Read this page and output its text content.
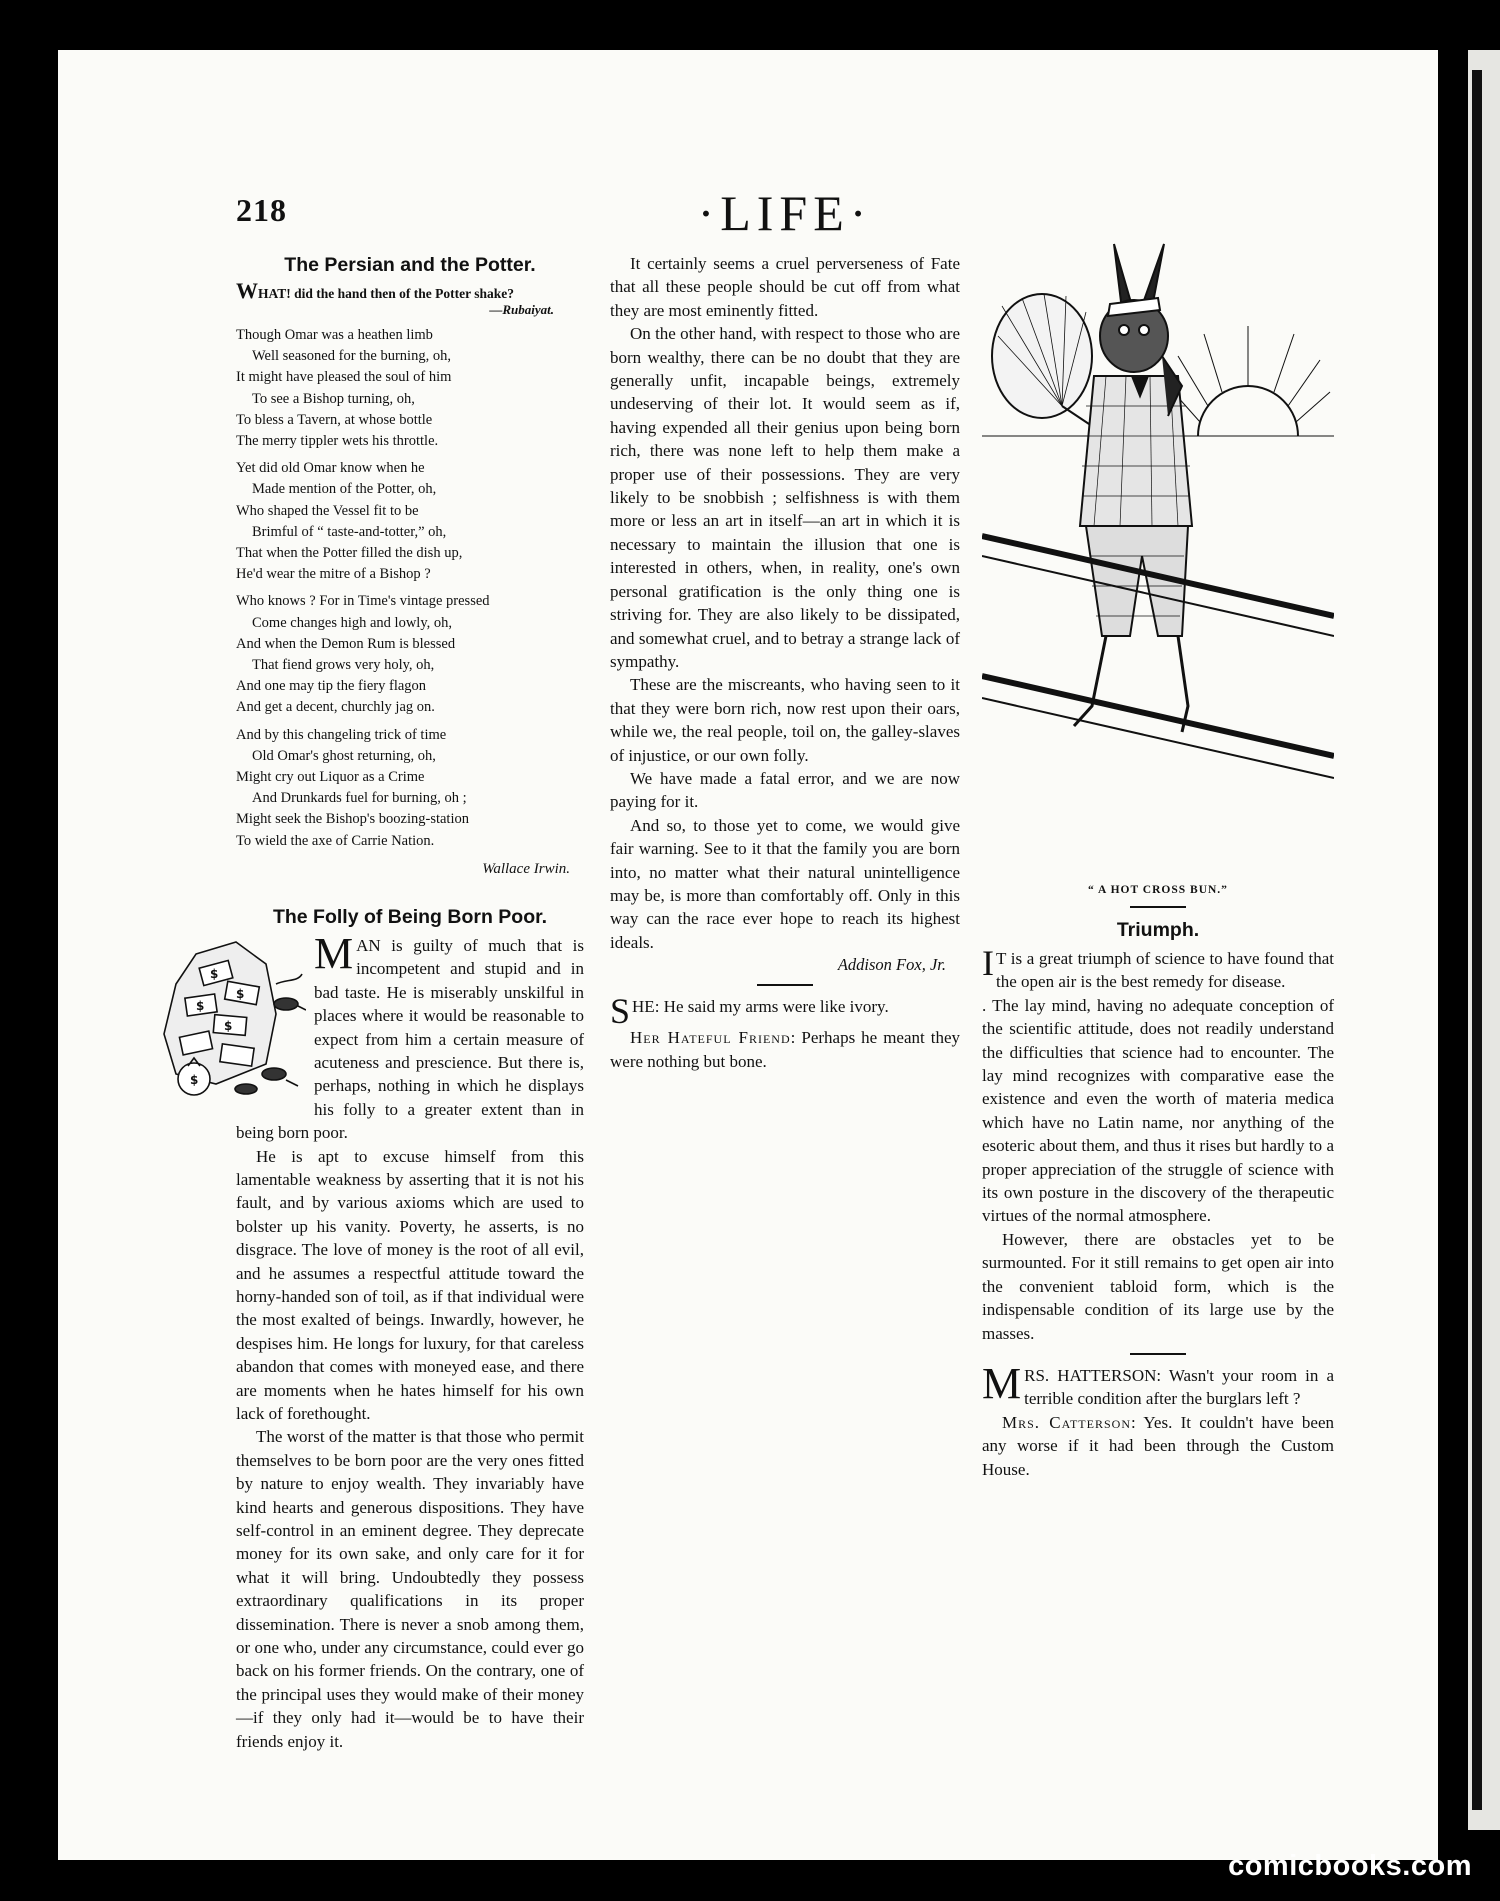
218	·LIFE·
The Persian and the Potter.
WHAT! did the hand then of the Potter shake?
—Rubaiyat.
Though Omar was a heathen limb
Well seasoned for the burning, oh,
It might have pleased the soul of him
To see a Bishop turning, oh,
To bless a Tavern, at whose bottle
The merry tippler wets his throttle.
Yet did old Omar know when he
Made mention of the Potter, oh,
Who shaped the Vessel fit to be
Brimful of “ taste-and-totter,” oh,
That when the Potter filled the dish up,
He'd wear the mitre of a Bishop ?
Who knows ? For in Time's vintage pressed
Come changes high and lowly, oh,
And when the Demon Rum is blessed
That fiend grows very holy, oh,
And one may tip the fiery flagon
And get a decent, churchly jag on.
And by this changeling trick of time
Old Omar's ghost returning, oh,
Might cry out Liquor as a Crime
And Drunkards fuel for burning, oh ;
Might seek the Bishop's boozing-station
To wield the axe of Carrie Nation.
Wallace Irwin.
The Folly of Being Born Poor.
$
$
$
$
$

MAN is guilty of much that is incompetent and stupid and in bad taste. He is miserably unskilful in places where it would be reasonable to expect from him a certain measure of acuteness and prescience. But there is, perhaps, nothing in which he displays his folly to a greater extent than in being born poor.

He is apt to excuse himself from this lamentable weakness by asserting that it is not his fault, and by various axioms which are used to bolster up his vanity. Poverty, he asserts, is no disgrace. The love of money is the root of all evil, and he assumes a respectful attitude toward the horny-handed son of toil, as if that individual were the most exalted of beings. Inwardly, however, he despises him. He longs for luxury, for that careless abandon that comes with moneyed ease, and there are moments when he hates himself for his own lack of forethought.

The worst of the matter is that those who permit themselves to be born poor are the very ones fitted by nature to enjoy wealth. They invariably have kind hearts and generous dispositions. They have self-control in an eminent degree. They deprecate money for its own sake, and only care for it for what it will bring. Undoubtedly they possess extraordinary qualifications in its proper dissemination. There is never a snob among them, or one who, under any circumstance, could ever go back on his former friends. On the contrary, one of the principal uses they would make of their money—if they only had it—would be to have their friends enjoy it.

It certainly seems a cruel perverseness of Fate that all these people should be cut off from what they are most eminently fitted.

On the other hand, with respect to those who are born wealthy, there can be no doubt that they are generally unfit, incapable beings, extremely undeserving of their lot. It would seem as if, having expended all their genius upon being born rich, there was none left to help them make a proper use of their possessions. They are very likely to be snobbish ; selfishness is with them more or less an art in itself—an art in which it is necessary to maintain the illusion that one is interested in others, when, in reality, one's own personal gratification is the only thing one is striving for. They are also likely to be dissipated, and somewhat cruel, and to betray a strange lack of sympathy.

These are the miscreants, who having seen to it that they were born rich, now rest upon their oars, while we, the real people, toil on, the galley-slaves of injustice, or our own folly.

We have made a fatal error, and we are now paying for it.

And so, to those yet to come, we would give fair warning. See to it that the family you are born into, no matter what their natural unintelligence may be, is more than comfortably off. Only in this way can the race ever hope to reach its highest ideals.

Addison Fox, Jr.

SHE: He said my arms were like ivory.

Her Hateful Friend: Perhaps he meant they were nothing but bone.

“ A HOT CROSS BUN.”
Triumph.

I T is a great triumph of science to have found that the open air is the best remedy for disease.

. The lay mind, having no adequate conception of the scientific attitude, does not readily understand the difficulties that science had to encounter. The lay mind recognizes with comparative ease the existence and even the worth of materia medica which have no Latin name, nor anything of the esoteric about them, and thus it rises but hardly to a proper appreciation of the struggle of science with its own posture in the discovery of the therapeutic virtues of the normal atmosphere.

However, there are obstacles yet to be surmounted. For it still remains to get open air into the convenient tabloid form, which is the indispensable condition of its large use by the masses.

MRS. HATTERSON: Wasn't your room in a terrible condition after the burglars left ?

Mrs. Catterson: Yes. It couldn't have been any worse if it had been through the Custom House.

comicbooks.com
